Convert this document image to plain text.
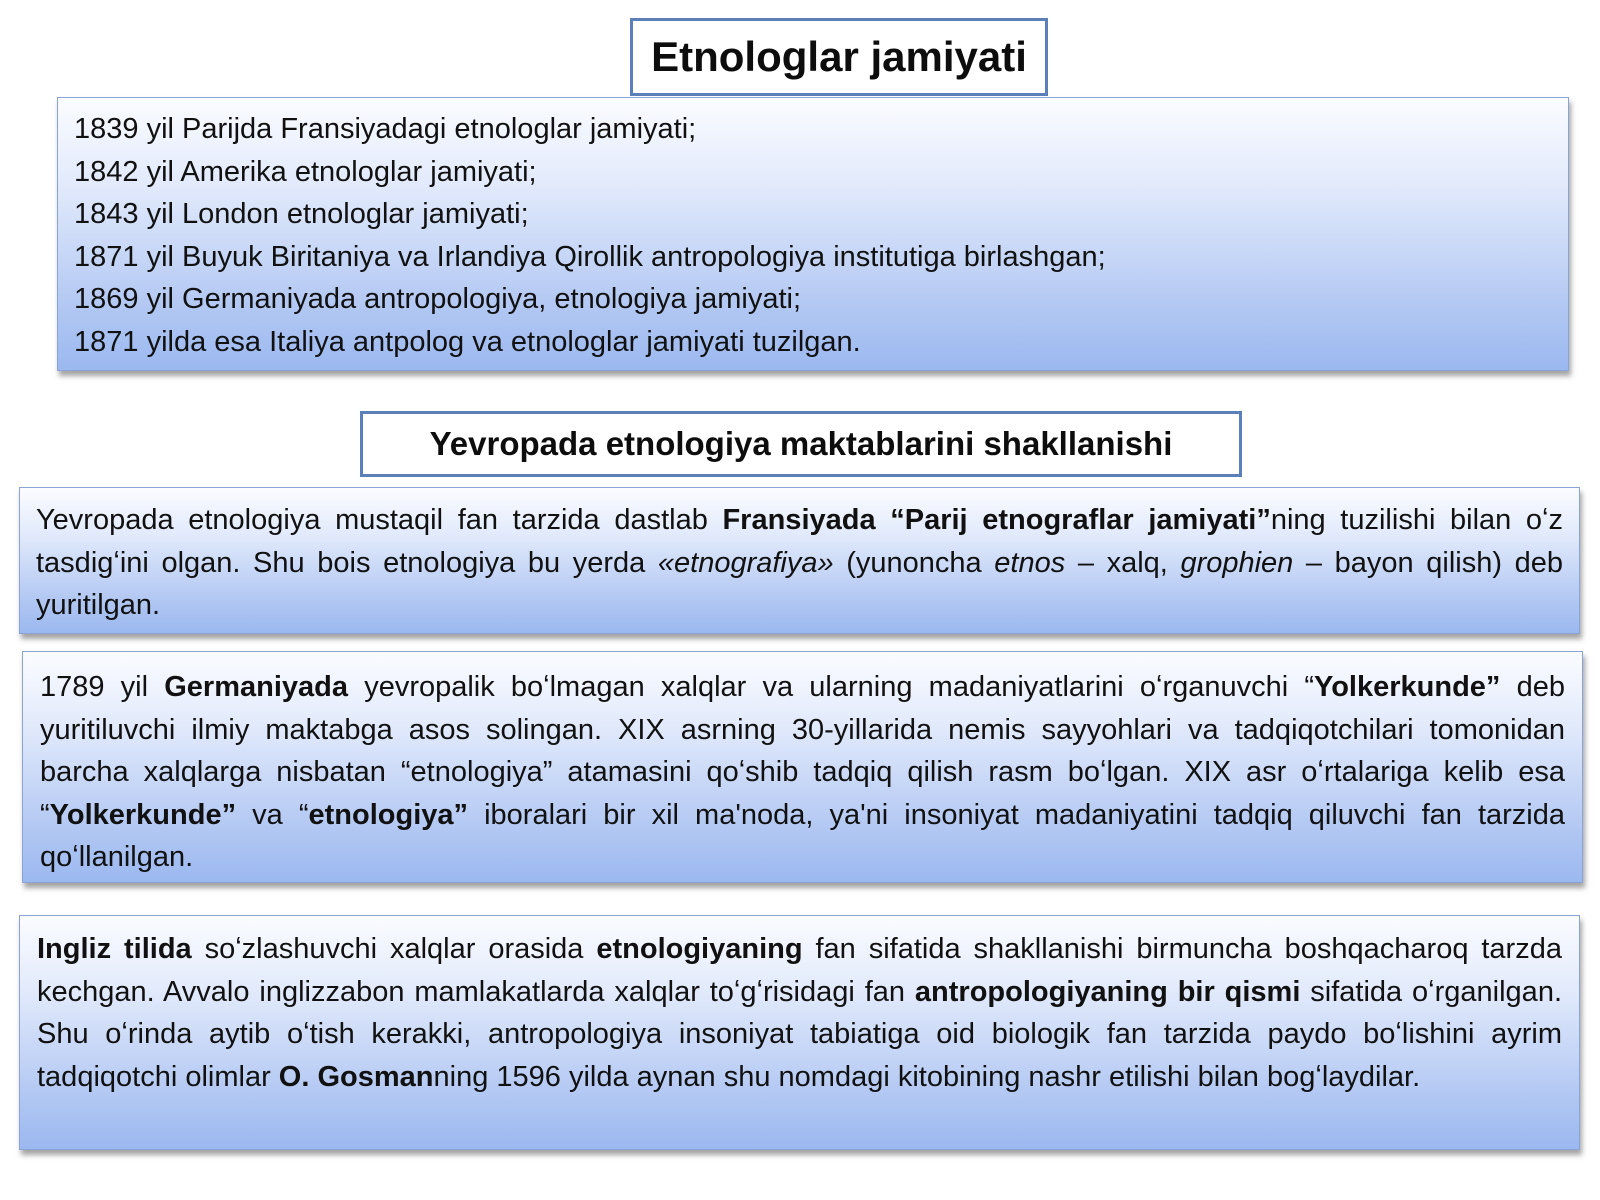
Etnologlar jamiyati
1839 yil Parijda Fransiyadagi etnologlar jamiyati;
1842 yil Amerika etnologlar jamiyati;
1843 yil London etnologlar jamiyati;
1871 yil Buyuk Biritaniya va Irlandiya Qirollik antropologiya institutiga birlashgan;
1869 yil Germaniyada antropologiya, etnologiya jamiyati;
1871 yilda esa Italiya antpolog va etnologlar jamiyati tuzilgan.
Yevropada etnologiya maktablarini shakllanishi
Yevropada etnologiya mustaqil fan tarzida dastlab Fransiyada “Parij etnograflar jamiyati”ning tuzilishi bilan oʻz tasdigʻini olgan. Shu bois etnologiya bu yerda «etnografiya» (yunoncha etnos – xalq, grophien – bayon qilish) deb yuritilgan.
1789 yil Germaniyada yevropalik boʻlmagan xalqlar va ularning madaniyatlarini oʻrganuvchi “Yolkerkunde” deb yuritiluvchi ilmiy maktabga asos solingan. XIX asrning 30-yillarida nemis sayyohlari va tadqiqotchilari tomonidan barcha xalqlarga nisbatan “etnologiya” atamasini qoʻshib tadqiq qilish rasm boʻlgan. XIX asr oʻrtalariga kelib esa “Yolkerkunde” va “etnologiya” iboralari bir xil ma'noda, ya'ni insoniyat madaniyatini tadqiq qiluvchi fan tarzida qoʻllanilgan.
Ingliz tilida soʻzlashuvchi xalqlar orasida etnologiyaning fan sifatida shakllanishi birmuncha boshqacharoq tarzda kechgan. Avvalo inglizzabon mamlakatlarda xalqlar toʻgʻrisidagi fan antropologiyaning bir qismi sifatida oʻrganilgan. Shu oʻrinda aytib oʻtish kerakki, antropologiya insoniyat tabiatiga oid biologik fan tarzida paydo boʻlishini ayrim tadqiqotchi olimlar O. Gosmanning 1596 yilda aynan shu nomdagi kitobining nashr etilishi bilan bogʻlaydilar.
